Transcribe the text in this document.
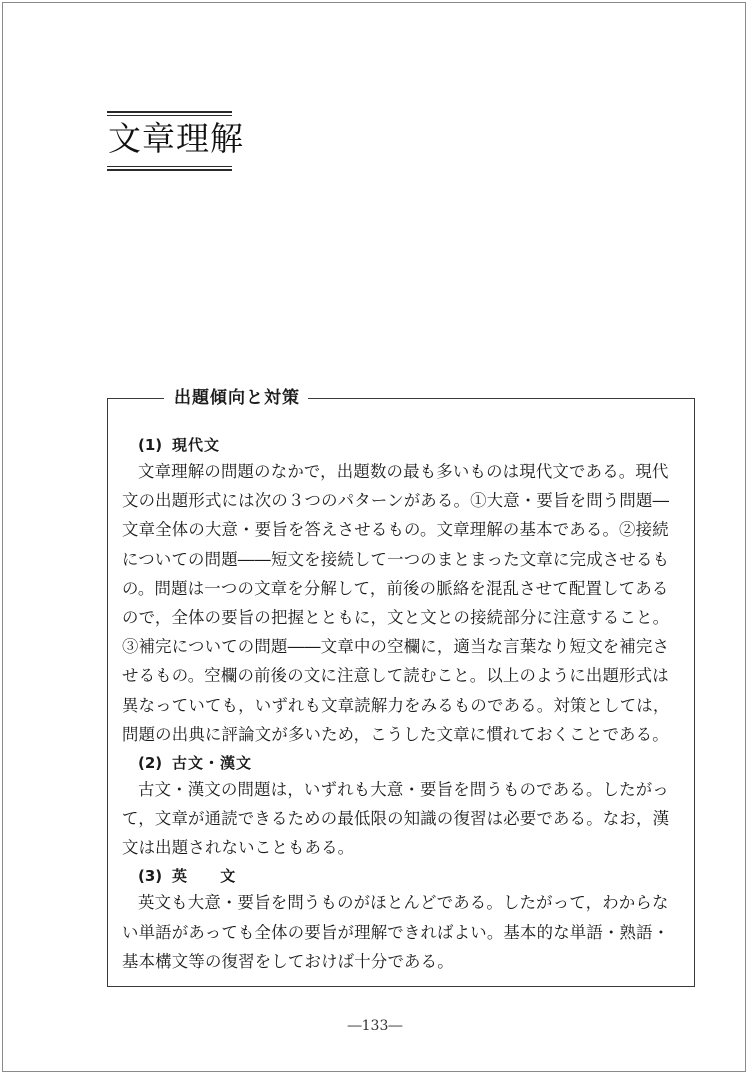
文章理解
出題傾向と対策
(1) 現代文
文章理解の問題のなかで，出題数の最も多いものは現代文である。現代
文の出題形式には次の３つのパターンがある。①大意・要旨を問う問題―
文章全体の大意・要旨を答えさせるもの。文章理解の基本である。②接続
についての問題――短文を接続して一つのまとまった文章に完成させるも
の。問題は一つの文章を分解して，前後の脈絡を混乱させて配置してある
ので，全体の要旨の把握とともに，文と文との接続部分に注意すること。
③補完についての問題――文章中の空欄に，適当な言葉なり短文を補完さ
せるもの。空欄の前後の文に注意して読むこと。以上のように出題形式は
異なっていても，いずれも文章読解力をみるものである。対策としては，
問題の出典に評論文が多いため，こうした文章に慣れておくことである。
(2) 古文・漢文
古文・漢文の問題は，いずれも大意・要旨を問うものである。したがっ
て，文章が通読できるための最低限の知識の復習は必要である。なお，漢
文は出題されないこともある。
(3) 英 文
英文も大意・要旨を問うものがほとんどである。したがって，わからな
い単語があっても全体の要旨が理解できればよい。基本的な単語・熟語・
基本構文等の復習をしておけば十分である。
―133―
